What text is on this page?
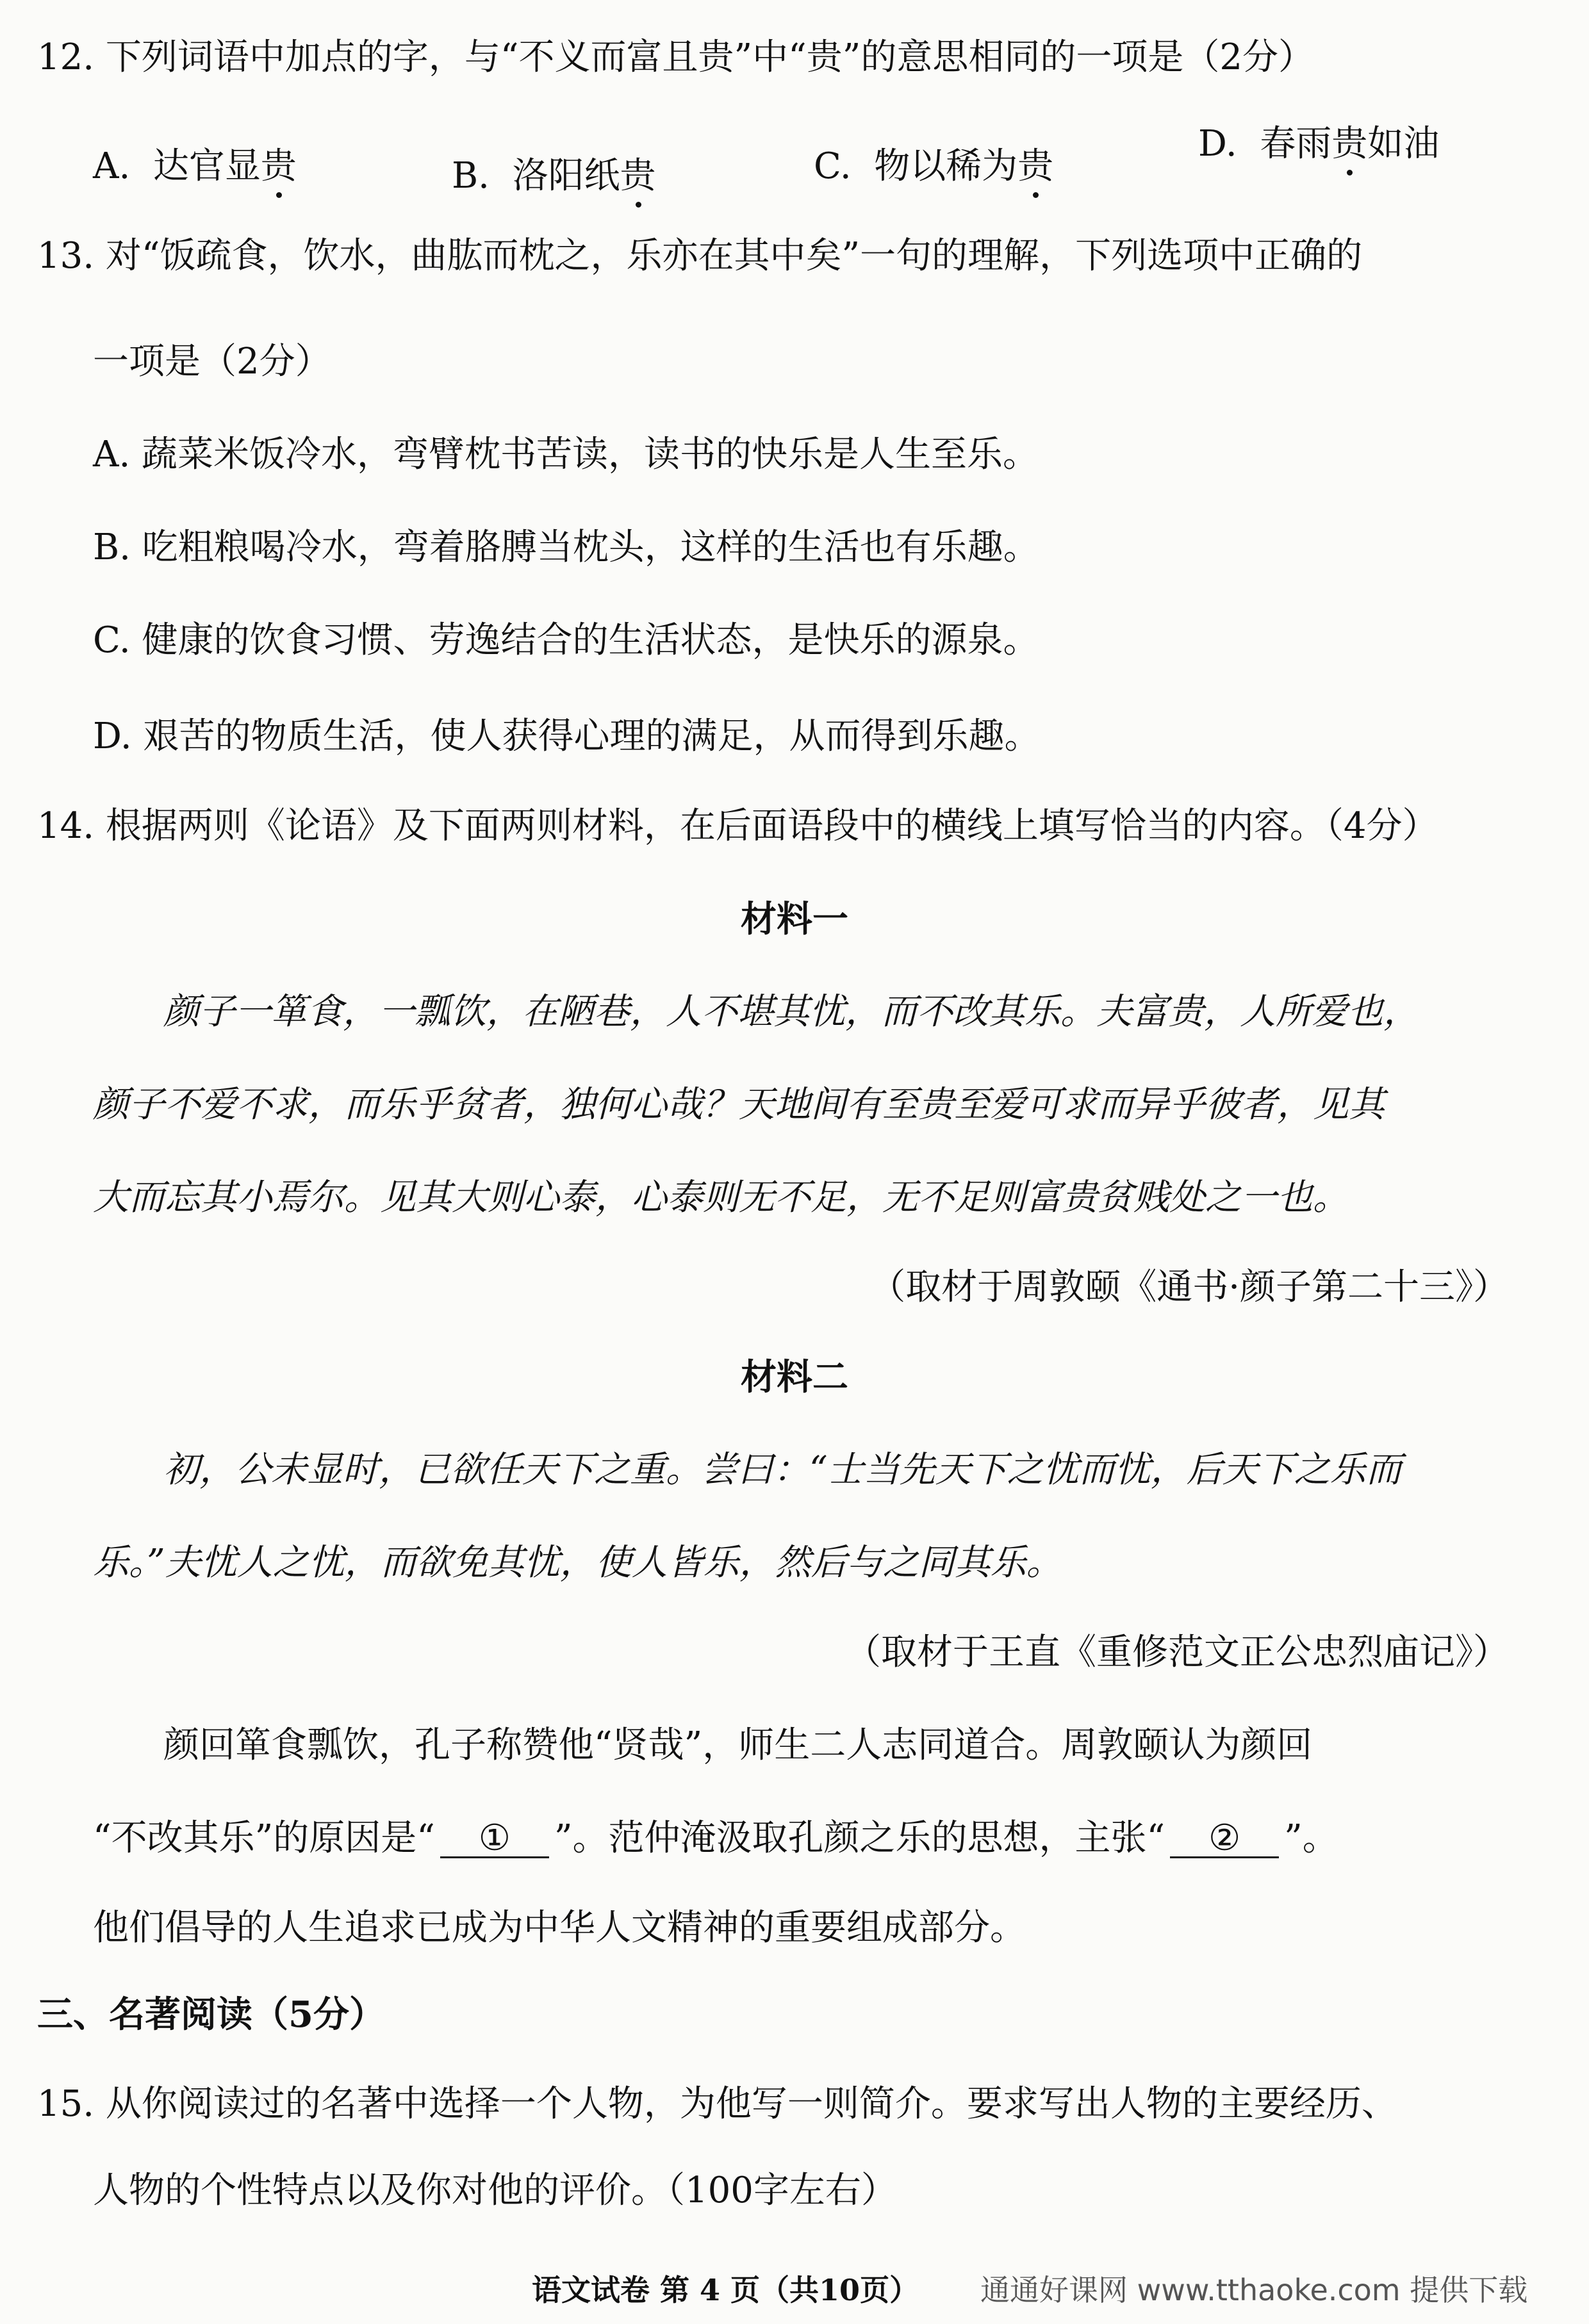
12. 下列词语中加点的字，与“不义而富且贵”中“贵”的意思相同的一项是（2分）
A. 达官显贵	B. 洛阳纸贵	C. 物以稀为贵
D. 春雨贵如油
13. 对“饭疏食，饮水，曲肱而枕之，乐亦在其中矣”一句的理解，下列选项中正确的
一项是（2分）
A. 蔬菜米饭冷水，弯臂枕书苦读，读书的快乐是人生至乐。
B. 吃粗粮喝冷水，弯着胳膊当枕头，这样的生活也有乐趣。
C. 健康的饮食习惯、劳逸结合的生活状态，是快乐的源泉。
D. 艰苦的物质生活，使人获得心理的满足，从而得到乐趣。
14. 根据两则《论语》及下面两则材料，在后面语段中的横线上填写恰当的内容。（4分）
材料一
颜子一箪食，一瓢饮，在陋巷，人不堪其忧，而不改其乐。夫富贵，人所爱也，
颜子不爱不求，而乐乎贫者，独何心哉？天地间有至贵至爱可求而异乎彼者，见其
大而忘其小焉尔。见其大则心泰，心泰则无不足，无不足则富贵贫贱处之一也。
（取材于周敦颐《通书·颜子第二十三》）
材料二
初，公未显时，已欲任天下之重。尝曰：“士当先天下之忧而忧，后天下之乐而
乐。”夫忧人之忧，而欲免其忧，使人皆乐，然后与之同其乐。
（取材于王直《重修范文正公忠烈庙记》）
颜回箪食瓢饮，孔子称赞他“贤哉”，师生二人志同道合。周敦颐认为颜回
“不改其乐”的原因是“ ① ”。范仲淹汲取孔颜之乐的思想，主张“ ② ”。
他们倡导的人生追求已成为中华人文精神的重要组成部分。
三、名著阅读（5分）
15. 从你阅读过的名著中选择一个人物，为他写一则简介。要求写出人物的主要经历、
人物的个性特点以及你对他的评价。（100字左右）
语文试卷 第 4 页（共10页） 通通好课网 www.tthaoke.com 提供下载
